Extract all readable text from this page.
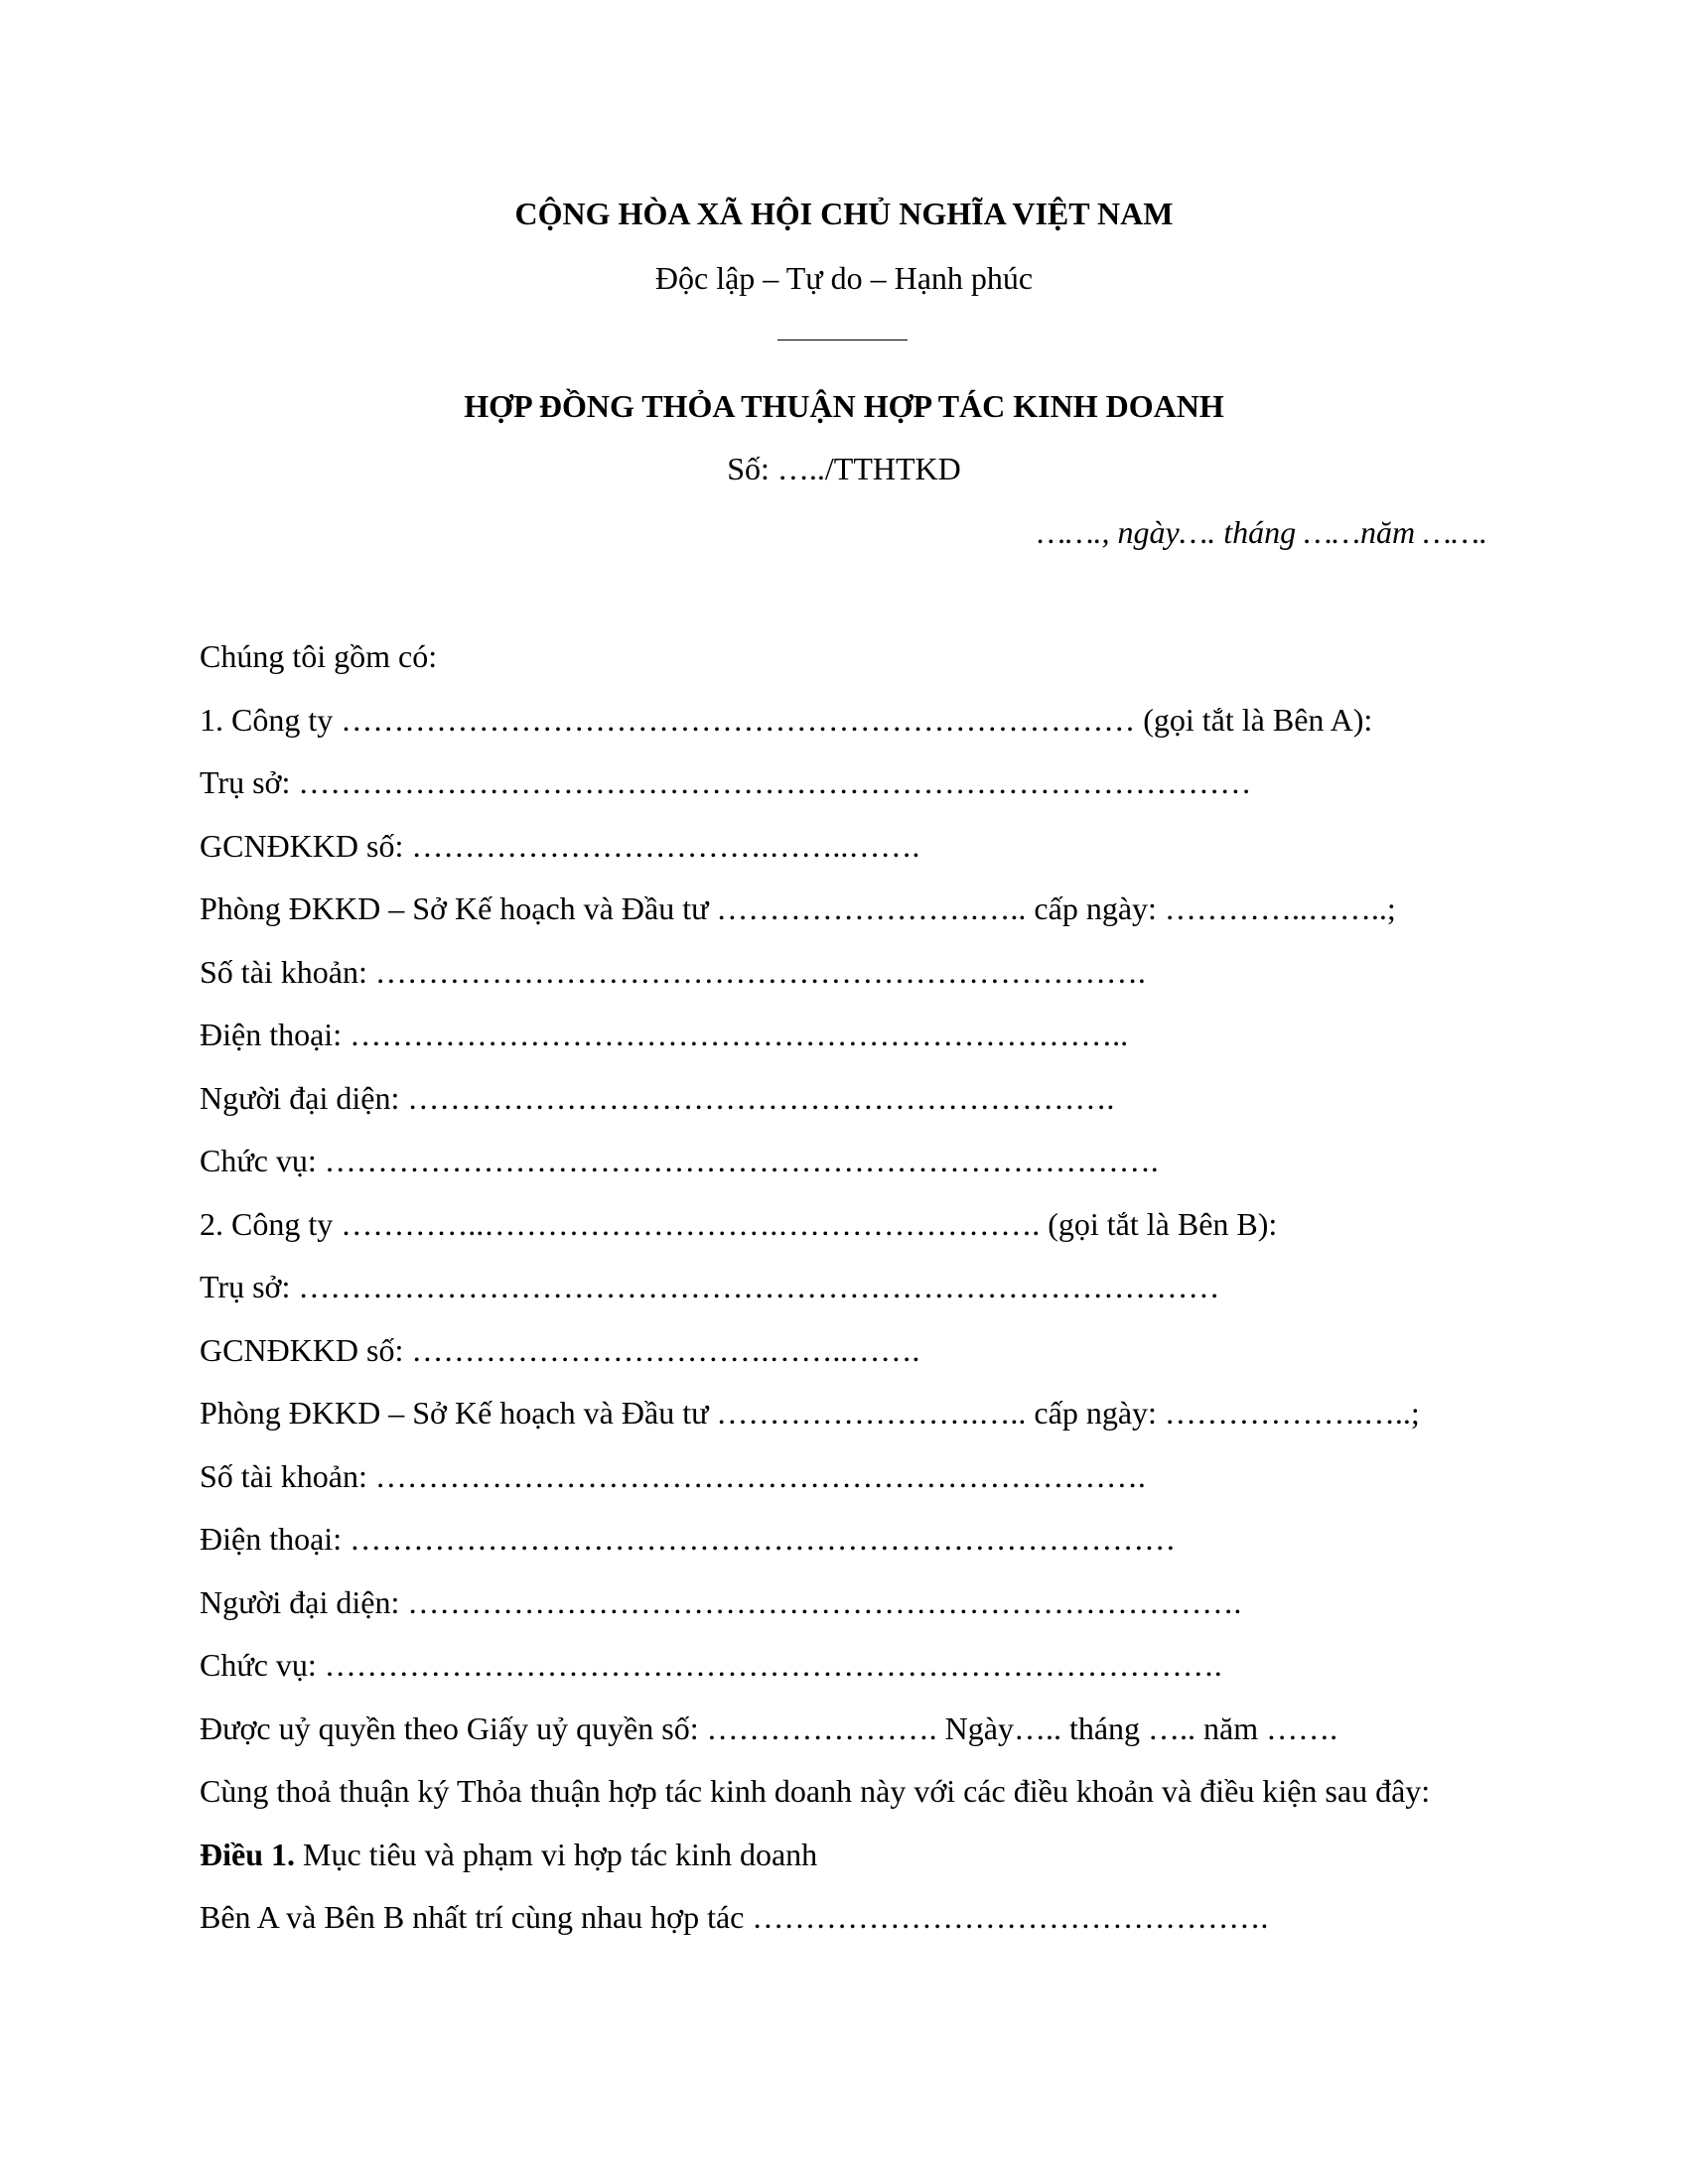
CỘNG HÒA XÃ HỘI CHỦ NGHĨA VIỆT NAM
Độc lập – Tự do – Hạnh phúc
HỢP ĐỒNG THỎA THUẬN HỢP TÁC KINH DOANH
Số: …../TTHTKD
……., ngày…. tháng ……năm …….
Chúng tôi gồm có:
1. Công ty ………………………………………………………………… (gọi tắt là Bên A):
Trụ sở: ………………………………………………………………………………
GCNĐKKD số: …………………………….……..…….
Phòng ĐKKD – Sở Kế hoạch và Đầu tư …………………….….. cấp ngày: …………..……..;
Số tài khoản: ……………………………………………………………….
Điện thoại: ………………………………………………………………..
Người đại diện: ………………………………………………………….
Chức vụ: …………………………………………………………………….
2. Công ty …………..……………………….……………………. (gọi tắt là Bên B):
Trụ sở: ……………………………………………………………………………
GCNĐKKD số: …………………………….……..…….
Phòng ĐKKD – Sở Kế hoạch và Đầu tư …………………….….. cấp ngày: ……………….…..;
Số tài khoản: ……………………………………………………………….
Điện thoại: ……………………………………………………………………
Người đại diện: …………………………………………………………………….
Chức vụ: ………………………………………………………………………….
Được uỷ quyền theo Giấy uỷ quyền số: …………………. Ngày….. tháng ….. năm …….
Cùng thoả thuận ký Thỏa thuận hợp tác kinh doanh này với các điều khoản và điều kiện sau đây:
Điều 1. Mục tiêu và phạm vi hợp tác kinh doanh
Bên A và Bên B nhất trí cùng nhau hợp tác ………………………………………….
